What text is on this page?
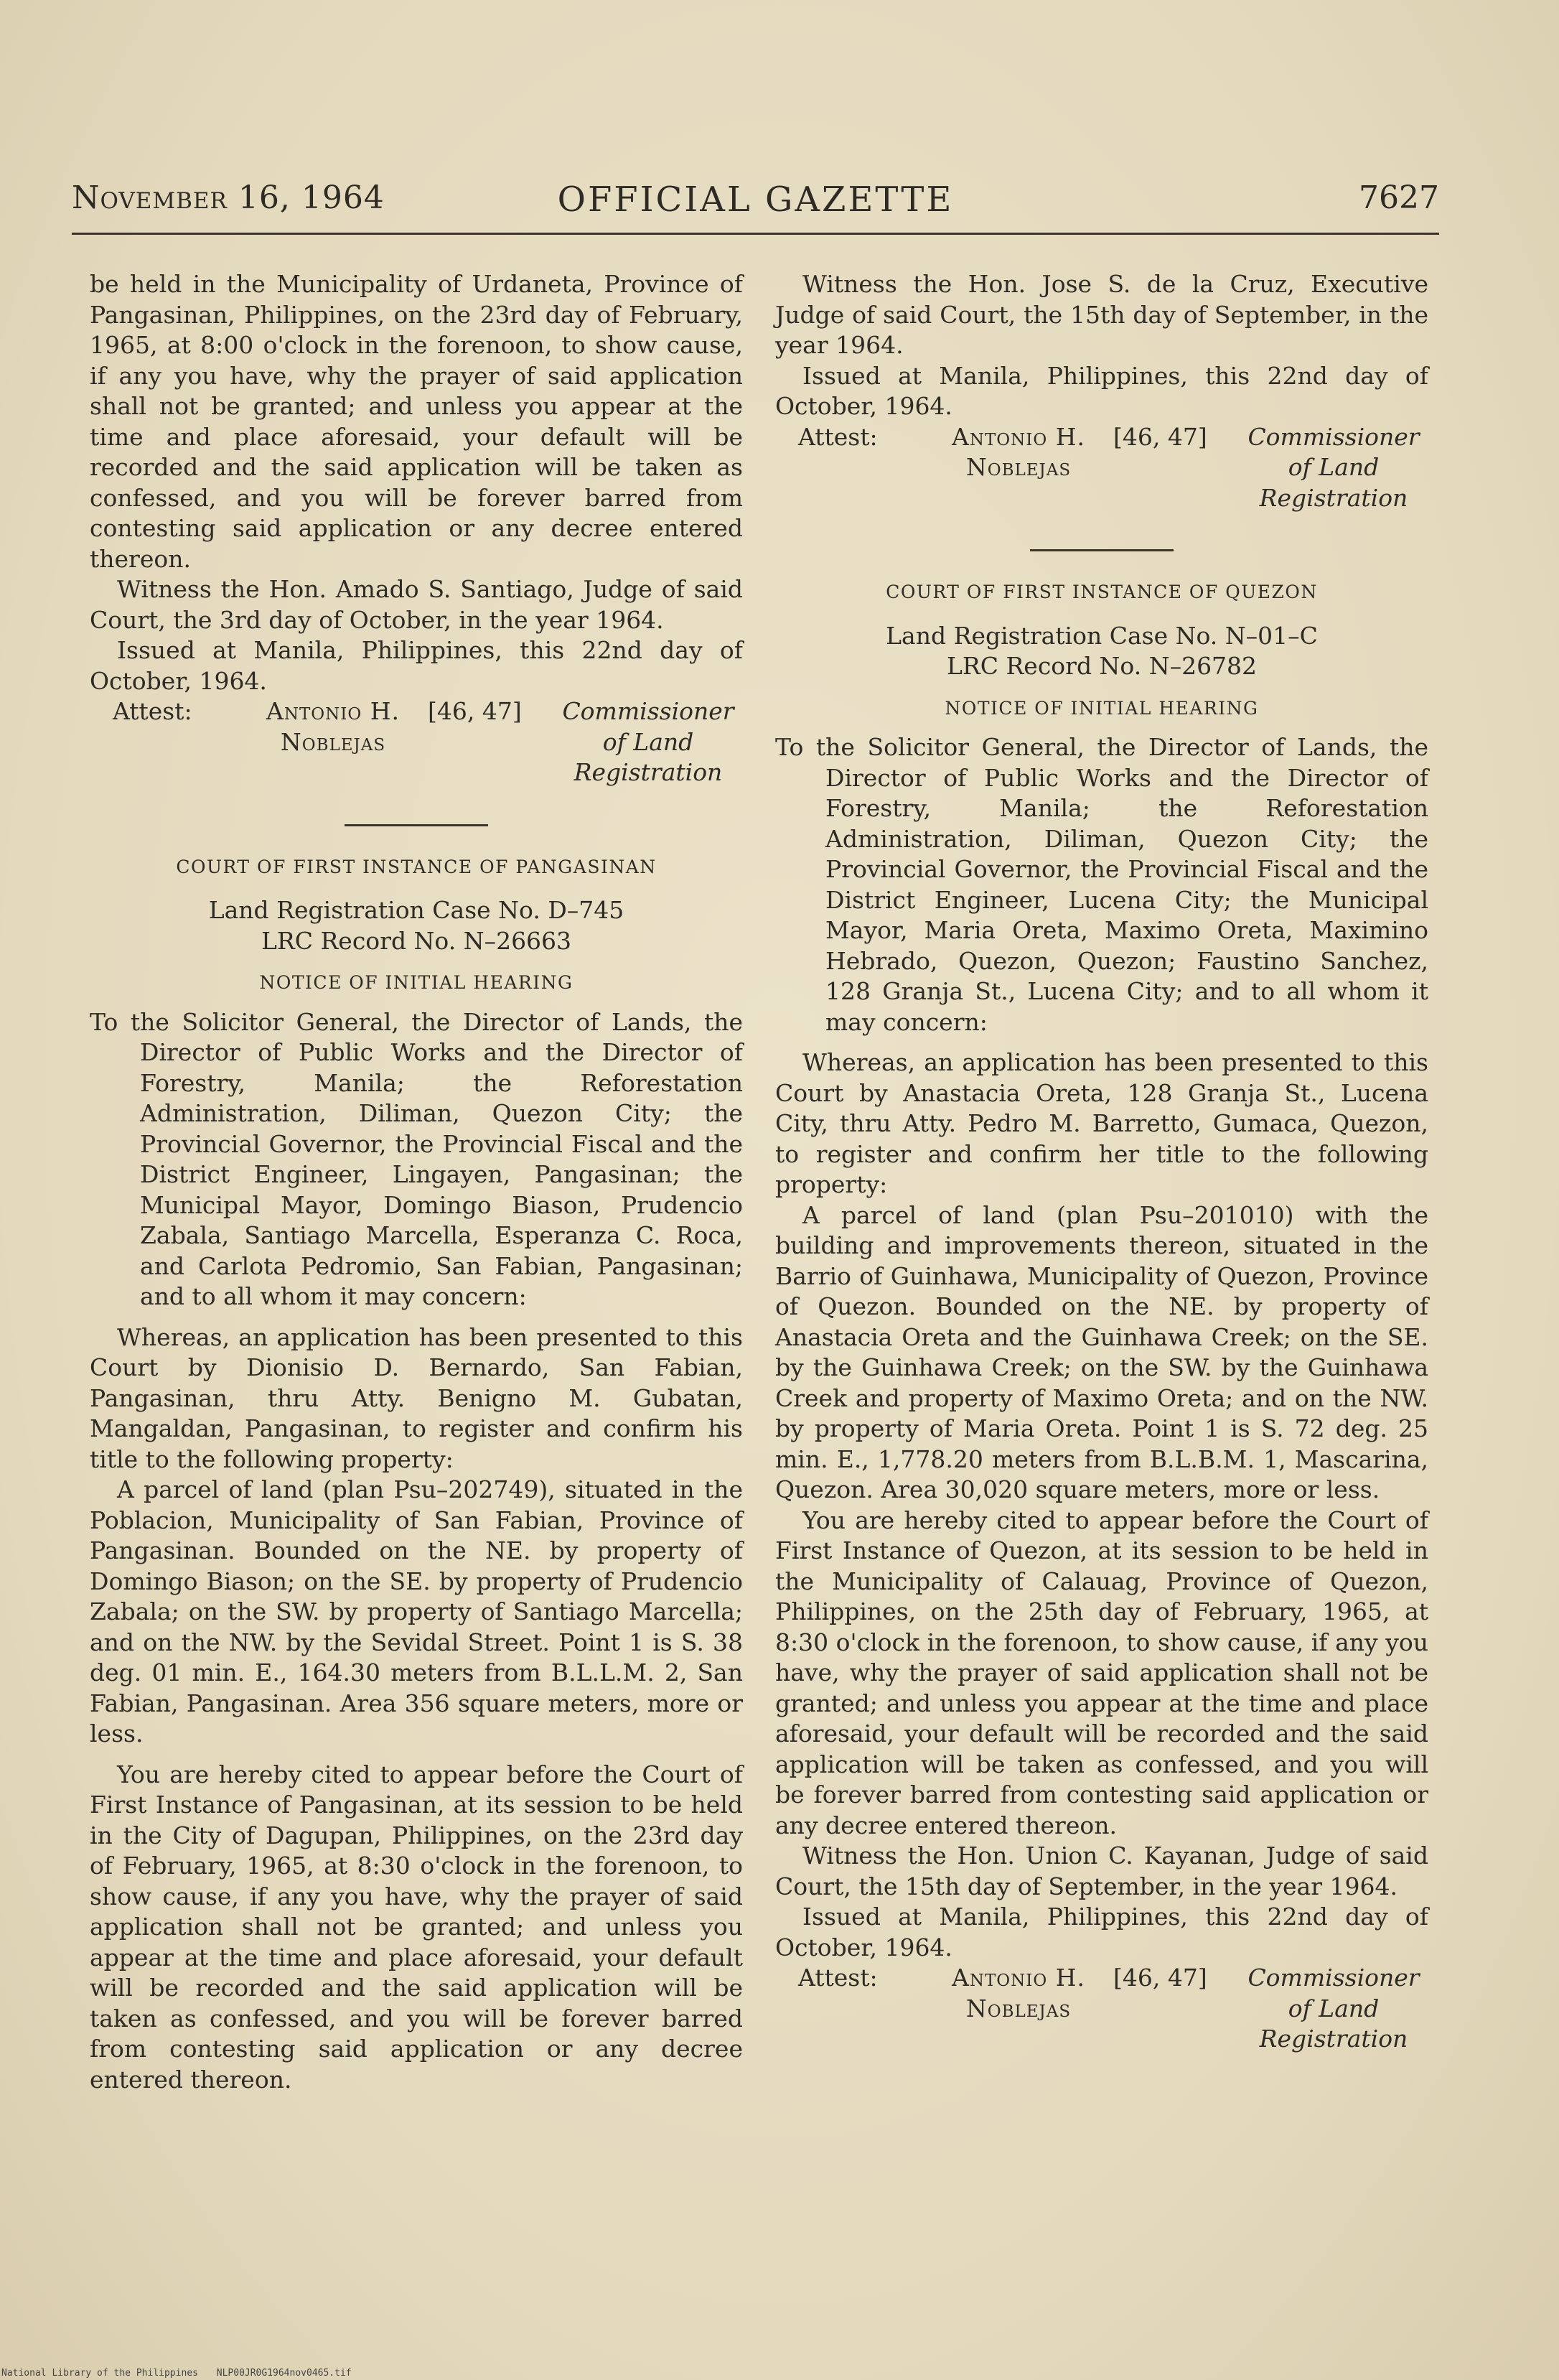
OFFICIAL GAZETTE
November 16, 1964	7627

be held in the Municipality of Urdaneta, Province of Pangasinan, Philippines, on the 23rd day of February, 1965, at 8:00 o'clock in the forenoon, to show cause, if any you have, why the prayer of said application shall not be granted; and unless you appear at the time and place aforesaid, your default will be recorded and the said application will be taken as confessed, and you will be forever barred from contesting said application or any decree entered thereon.

Witness the Hon. Amado S. Santiago, Judge of said Court, the 3rd day of October, in the year 1964.

Issued at Manila, Philippines, this 22nd day of October, 1964.

Attest:	Antonio H. Noblejas
[46, 47]	Commissioner of Land Registration
COURT OF FIRST INSTANCE OF PANGASINAN
Land Registration Case No. D–745
LRC Record No. N–26663
NOTICE OF INITIAL HEARING

To the Solicitor General, the Director of Lands, the Director of Public Works and the Director of Forestry, Manila; the Reforestation Administration, Diliman, Quezon City; the Provincial Governor, the Provincial Fiscal and the District Engineer, Lingayen, Pangasinan; the Municipal Mayor, Domingo Biason, Prudencio Zabala, Santiago Marcella, Esperanza C. Roca, and Carlota Pedromio, San Fabian, Pangasinan; and to all whom it may concern:

Whereas, an application has been presented to this Court by Dionisio D. Bernardo, San Fabian, Pangasinan, thru Atty. Benigno M. Gubatan, Mangaldan, Pangasinan, to register and confirm his title to the following property:

A parcel of land (plan Psu–202749), situated in the Poblacion, Municipality of San Fabian, Province of Pangasinan. Bounded on the NE. by property of Domingo Biason; on the SE. by property of Prudencio Zabala; on the SW. by property of Santiago Marcella; and on the NW. by the Sevidal Street. Point 1 is S. 38 deg. 01 min. E., 164.30 meters from B.L.L.M. 2, San Fabian, Pangasinan. Area 356 square meters, more or less.

You are hereby cited to appear before the Court of First Instance of Pangasinan, at its session to be held in the City of Dagupan, Philippines, on the 23rd day of February, 1965, at 8:30 o'clock in the forenoon, to show cause, if any you have, why the prayer of said application shall not be granted; and unless you appear at the time and place aforesaid, your default will be recorded and the said application will be taken as confessed, and you will be forever barred from contesting said application or any decree entered thereon.

Witness the Hon. Jose S. de la Cruz, Executive Judge of said Court, the 15th day of September, in the year 1964.

Issued at Manila, Philippines, this 22nd day of October, 1964.

Attest:	Antonio H. Noblejas
[46, 47]	Commissioner of Land Registration
COURT OF FIRST INSTANCE OF QUEZON
Land Registration Case No. N–01–C
LRC Record No. N–26782
NOTICE OF INITIAL HEARING

To the Solicitor General, the Director of Lands, the Director of Public Works and the Director of Forestry, Manila; the Reforestation Administration, Diliman, Quezon City; the Provincial Governor, the Provincial Fiscal and the District Engineer, Lucena City; the Municipal Mayor, Maria Oreta, Maximo Oreta, Maximino Hebrado, Quezon, Quezon; Faustino Sanchez, 128 Granja St., Lucena City; and to all whom it may concern:

Whereas, an application has been presented to this Court by Anastacia Oreta, 128 Granja St., Lucena City, thru Atty. Pedro M. Barretto, Gumaca, Quezon, to register and confirm her title to the following property:

A parcel of land (plan Psu–201010) with the building and improvements thereon, situated in the Barrio of Guinhawa, Municipality of Quezon, Province of Quezon. Bounded on the NE. by property of Anastacia Oreta and the Guinhawa Creek; on the SE. by the Guinhawa Creek; on the SW. by the Guinhawa Creek and property of Maximo Oreta; and on the NW. by property of Maria Oreta. Point 1 is S. 72 deg. 25 min. E., 1,778.20 meters from B.L.B.M. 1, Mascarina, Quezon. Area 30,020 square meters, more or less.

You are hereby cited to appear before the Court of First Instance of Quezon, at its session to be held in the Municipality of Calauag, Province of Quezon, Philippines, on the 25th day of February, 1965, at 8:30 o'clock in the forenoon, to show cause, if any you have, why the prayer of said application shall not be granted; and unless you appear at the time and place aforesaid, your default will be recorded and the said application will be taken as confessed, and you will be forever barred from contesting said application or any decree entered thereon.

Witness the Hon. Union C. Kayanan, Judge of said Court, the 15th day of September, in the year 1964.

Issued at Manila, Philippines, this 22nd day of October, 1964.

Attest:	Antonio H. Noblejas
[46, 47]	Commissioner of Land Registration
National Library of the Philippines NLP00JR0G1964nov0465.tif
